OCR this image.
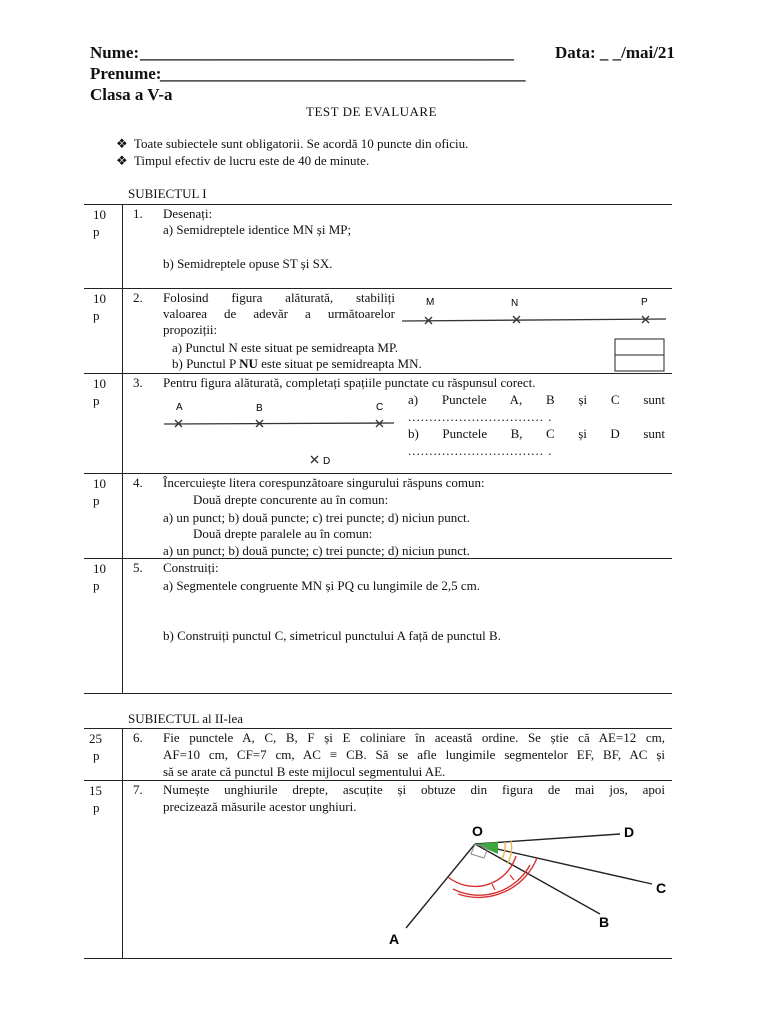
Nume: ____________________________________________ Data: _ _/mai/21
Prenume:
___________________________________________
Clasa a V-a
TEST DE EVALUARE
❖ Toate subiectele sunt obligatorii. Se acordă 10 puncte din oficiu.
❖ Timpul efectiv de lucru este de 40 de minute.
SUBIECTUL I
SUBIECTUL al II-lea
10
p
1. Desenați:
a) Semidreptele identice MN și MP;
b) Semidreptele opuse ST și SX.
10
p
2. Folosind figura alăturată, stabiliți
valoarea de adevăr a următoarelor
propoziții:
a) Punctul N este situat pe semidreapta MP.
b) Punctul P NU este situat pe semidreapta MN.
M	N	P
10
p
3. Pentru figura alăturată, completați spațiile punctate cu răspunsul corect.
a) Punctele A, B și C sunt
................................ .
b) Punctele B, C și D sunt
................................ .
A	B	C
D
10
p
4. Încercuiește litera corespunzătoare singurului răspuns comun:
Două drepte concurente au în comun:
a) un punct; b) două puncte; c) trei puncte; d) niciun punct.
Două drepte paralele au în comun:
a) un punct; b) două puncte; c) trei puncte; d) niciun punct.
10
p
5. Construiți:
a) Segmentele congruente MN și PQ cu lungimile de 2,5 cm.
b) Construiți punctul C, simetricul punctului A față de punctul B.
25
p
6. Fie punctele A, C, B, F și E coliniare în această ordine. Se știe că AE=12 cm,
AF=10 cm, CF=7 cm, AC ≡ CB. Să se afle lungimile segmentelor EF, BF, AC și
să se arate că punctul B este mijlocul segmentului AE.
15
p
7. Numește unghiurile drepte, ascuțite și obtuze din figura de mai jos, apoi
precizează măsurile acestor unghiuri.
O	D
C
B
A
